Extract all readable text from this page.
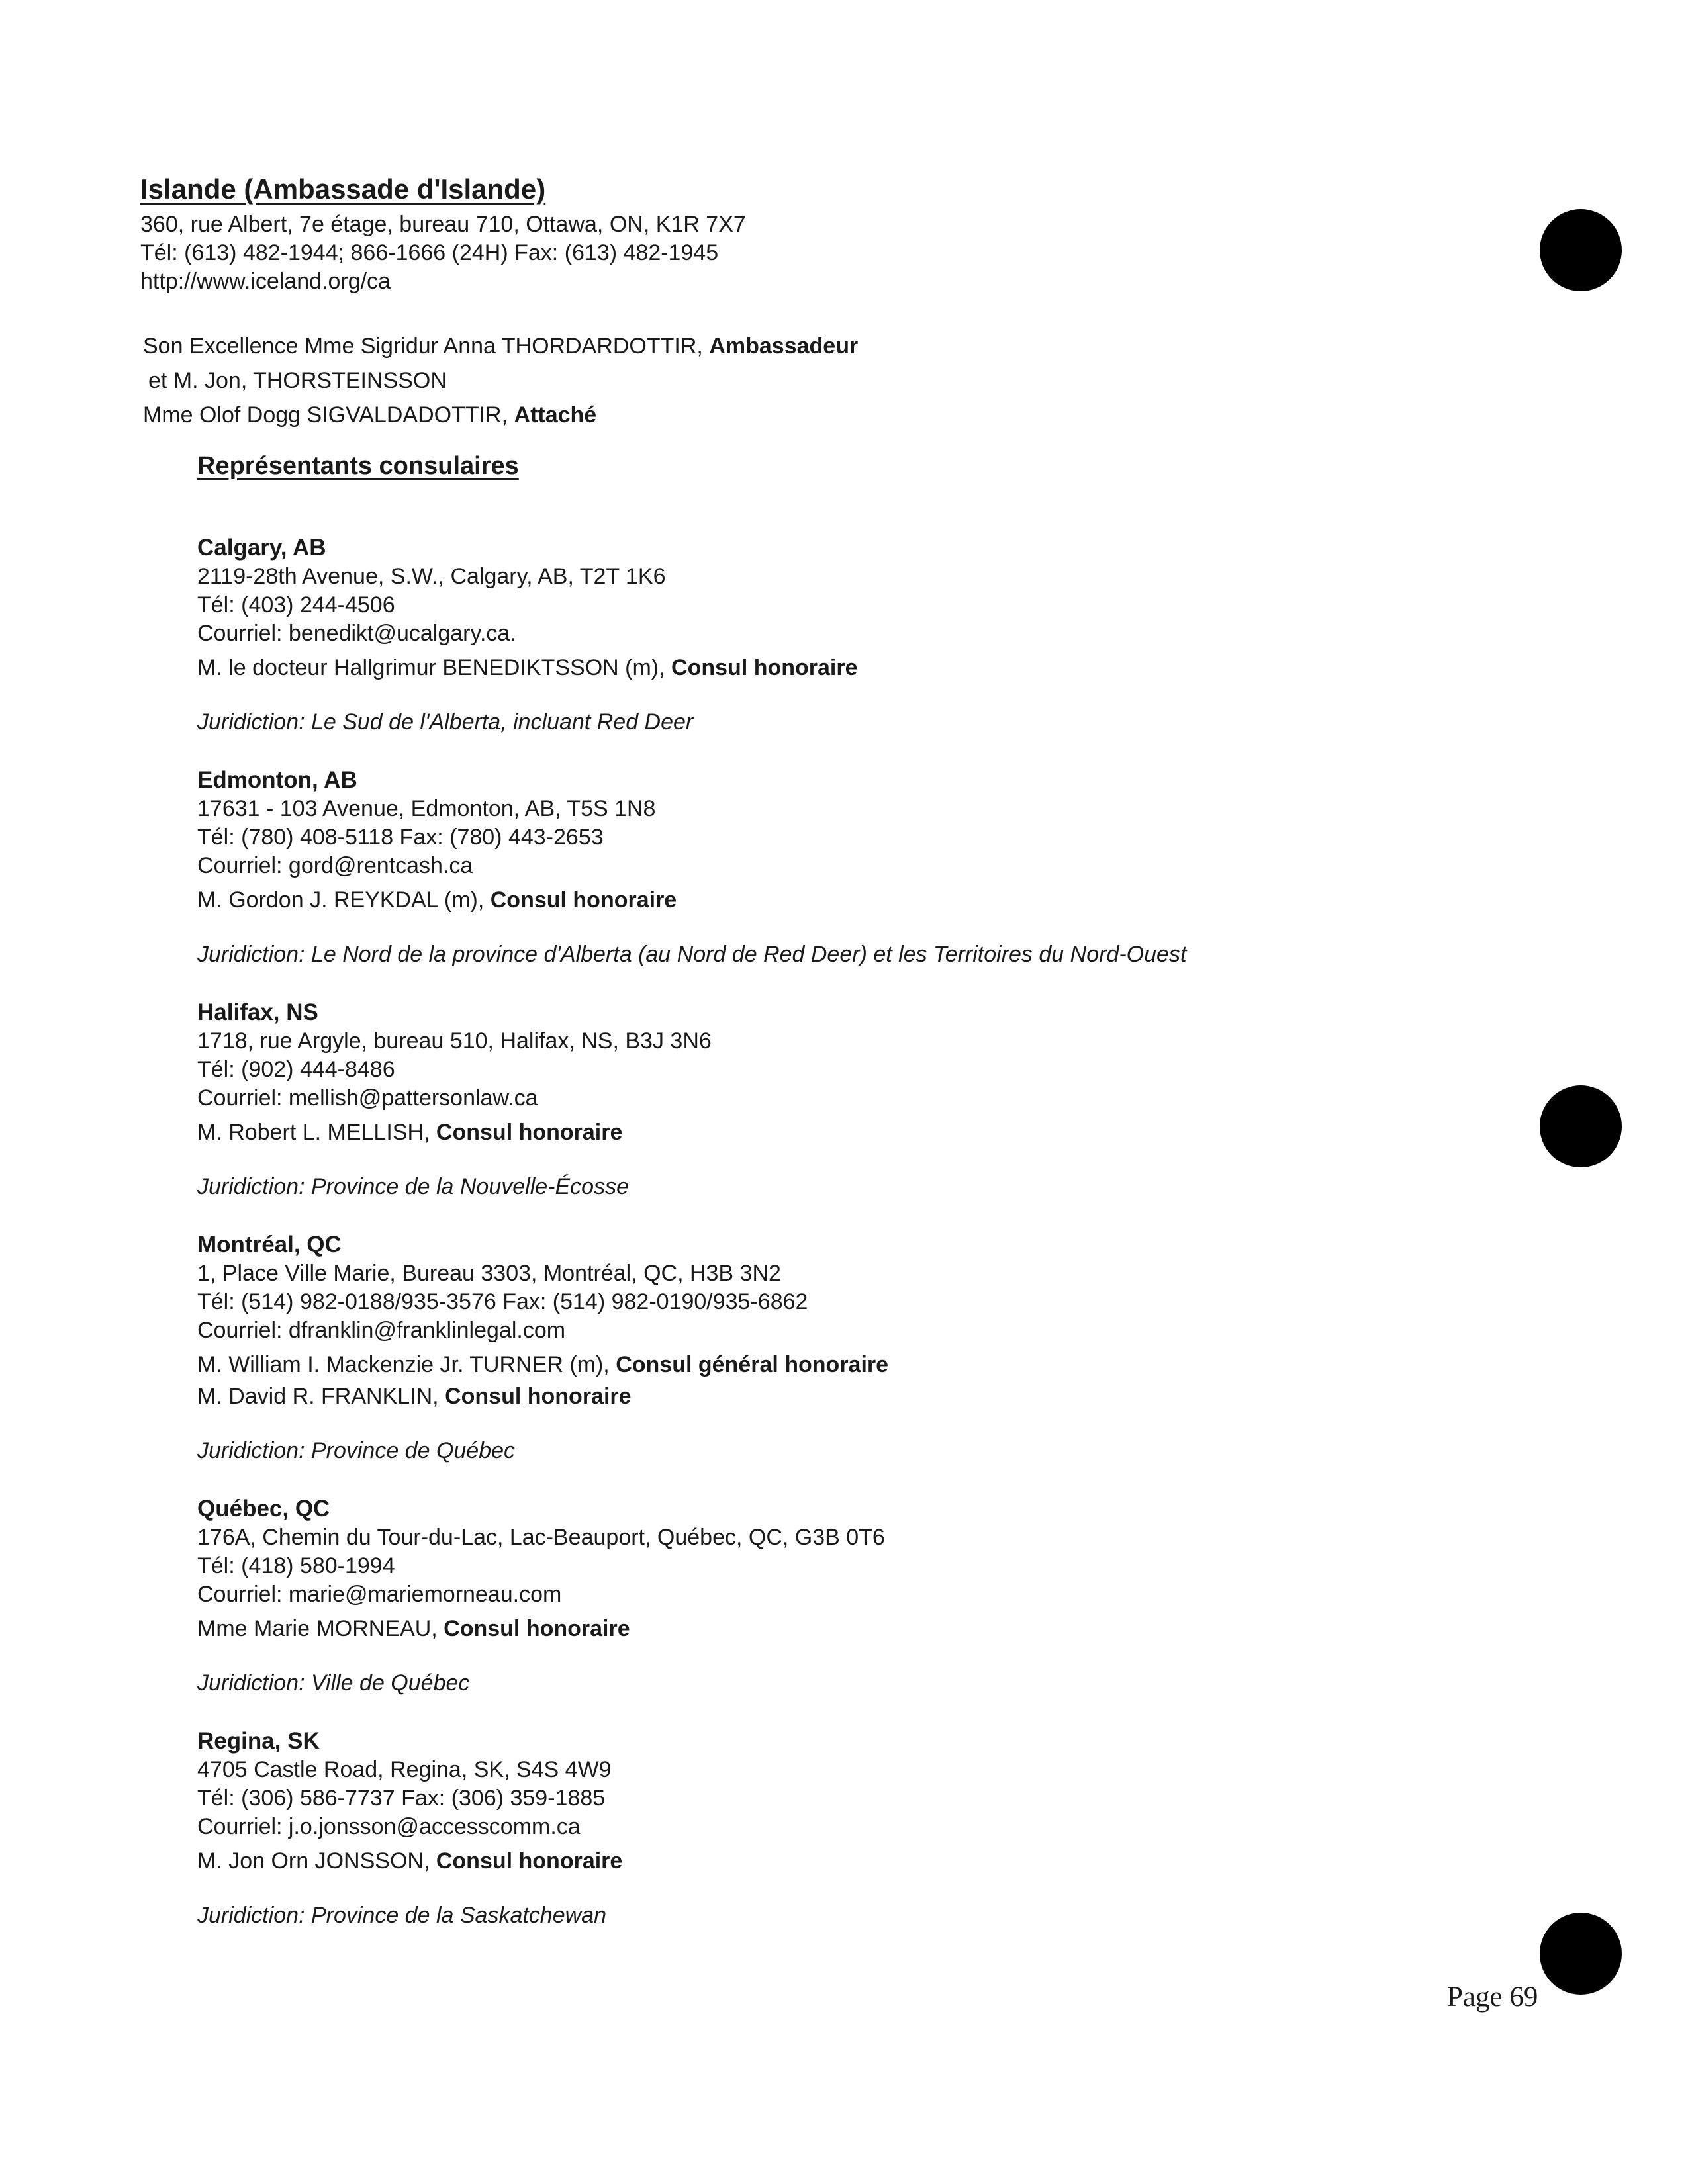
Islande (Ambassade d'Islande)
360, rue Albert, 7e étage, bureau 710, Ottawa, ON, K1R 7X7
Tél: (613) 482-1944; 866-1666 (24H) Fax: (613) 482-1945
http://www.iceland.org/ca
Son Excellence Mme Sigridur Anna THORDARDOTTIR, Ambassadeur
et M. Jon, THORSTEINSSON
Mme Olof Dogg SIGVALDADOTTIR, Attaché
Représentants consulaires
Calgary, AB
2119-28th Avenue, S.W., Calgary, AB, T2T 1K6
Tél: (403) 244-4506
Courriel: benedikt@ucalgary.ca.
M. le docteur Hallgrimur BENEDIKTSSON (m), Consul honoraire
Juridiction: Le Sud de l'Alberta, incluant Red Deer
Edmonton, AB
17631 - 103 Avenue, Edmonton, AB, T5S 1N8
Tél: (780) 408-5118 Fax: (780) 443-2653
Courriel: gord@rentcash.ca
M. Gordon J. REYKDAL (m), Consul honoraire
Juridiction: Le Nord de la province d'Alberta (au Nord de Red Deer) et les Territoires du Nord-Ouest
Halifax, NS
1718, rue Argyle, bureau 510, Halifax, NS, B3J 3N6
Tél: (902) 444-8486
Courriel: mellish@pattersonlaw.ca
M. Robert L. MELLISH, Consul honoraire
Juridiction: Province de la Nouvelle-Écosse
Montréal, QC
1, Place Ville Marie, Bureau 3303, Montréal, QC, H3B 3N2
Tél: (514) 982-0188/935-3576 Fax: (514) 982-0190/935-6862
Courriel: dfranklin@franklinlegal.com
M. William I. Mackenzie Jr. TURNER (m), Consul général honoraire
M. David R. FRANKLIN, Consul honoraire
Juridiction: Province de Québec
Québec, QC
176A, Chemin du Tour-du-Lac, Lac-Beauport, Québec, QC, G3B 0T6
Tél: (418) 580-1994
Courriel: marie@mariemorneau.com
Mme Marie MORNEAU, Consul honoraire
Juridiction: Ville de Québec
Regina, SK
4705 Castle Road, Regina, SK, S4S 4W9
Tél: (306) 586-7737 Fax: (306) 359-1885
Courriel: j.o.jonsson@accesscomm.ca
M. Jon Orn JONSSON, Consul honoraire
Juridiction: Province de la Saskatchewan
Page 69
